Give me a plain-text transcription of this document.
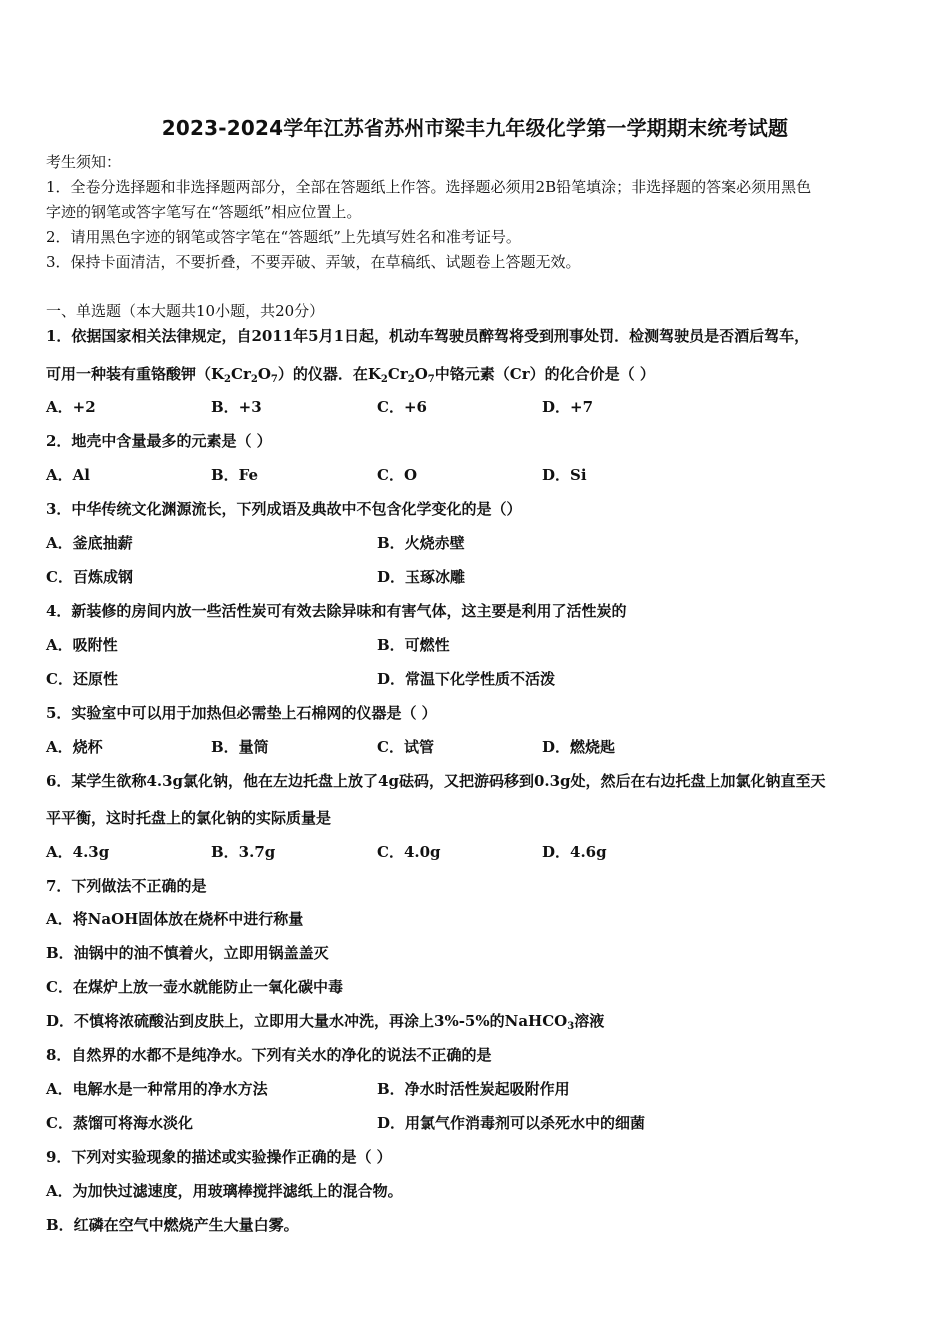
2023-2024学年江苏省苏州市梁丰九年级化学第一学期期末统考试题
考生须知：
1．全卷分选择题和非选择题两部分，全部在答题纸上作答。选择题必须用2B铅笔填涂；非选择题的答案必须用黑色
字迹的钢笔或答字笔写在“答题纸”相应位置上。
2．请用黑色字迹的钢笔或答字笔在“答题纸”上先填写姓名和准考证号。
3．保持卡面清洁，不要折叠，不要弄破、弄皱，在草稿纸、试题卷上答题无效。
一、单选题（本大题共10小题，共20分）
1．依据国家相关法律规定，自2011年5月1日起，机动车驾驶员醉驾将受到刑事处罚．检测驾驶员是否酒后驾车，
可用一种装有重铬酸钾$(K_2Cr_2O_7)$的仪器．在$K_2Cr_2O_7$中铬元素（Cr）的化合价是（ ）
A．+2	B．+3	C．+6	D．+7
2．地壳中含量最多的元素是（ ）
A．Al	B．Fe	C．O	D．Si
3．中华传统文化渊源流长，下列成语及典故中不包含化学变化的是（）
A．釜底抽薪	B．火烧赤壁
C．百炼成钢	D．玉琢冰雕
4．新装修的房间内放一些活性炭可有效去除异味和有害气体，这主要是利用了活性炭的
A．吸附性	B．可燃性
C．还原性	D．常温下化学性质不活泼
5．实验室中可以用于加热但必需垫上石棉网的仪器是（ ）
A．烧杯	B．量筒	C．试管	D．燃烧匙
6．某学生欲称4.3g氯化钠，他在左边托盘上放了4g砝码，又把游码移到0.3g处，然后在右边托盘上加氯化钠直至天
平平衡，这时托盘上的氯化钠的实际质量是
A．4.3g	B．3.7g	C．4.0g	D．4.6g
7．下列做法不正确的是
A．将NaOH固体放在烧杯中进行称量
B．油锅中的油不慎着火，立即用锅盖盖灭
C．在煤炉上放一壶水就能防止一氧化碳中毒
D．不慎将浓硫酸沾到皮肤上，立即用大量水冲洗，再涂上3%-5%的NaHCO$_3$溶液
8．自然界的水都不是纯净水。下列有关水的净化的说法不正确的是
A．电解水是一种常用的净水方法	B．净水时活性炭起吸附作用
C．蒸馏可将海水淡化	D．用氯气作消毒剂可以杀死水中的细菌
9．下列对实验现象的描述或实验操作正确的是（ ）
A．为加快过滤速度，用玻璃棒搅拌滤纸上的混合物。
B．红磷在空气中燃烧产生大量白雾。
